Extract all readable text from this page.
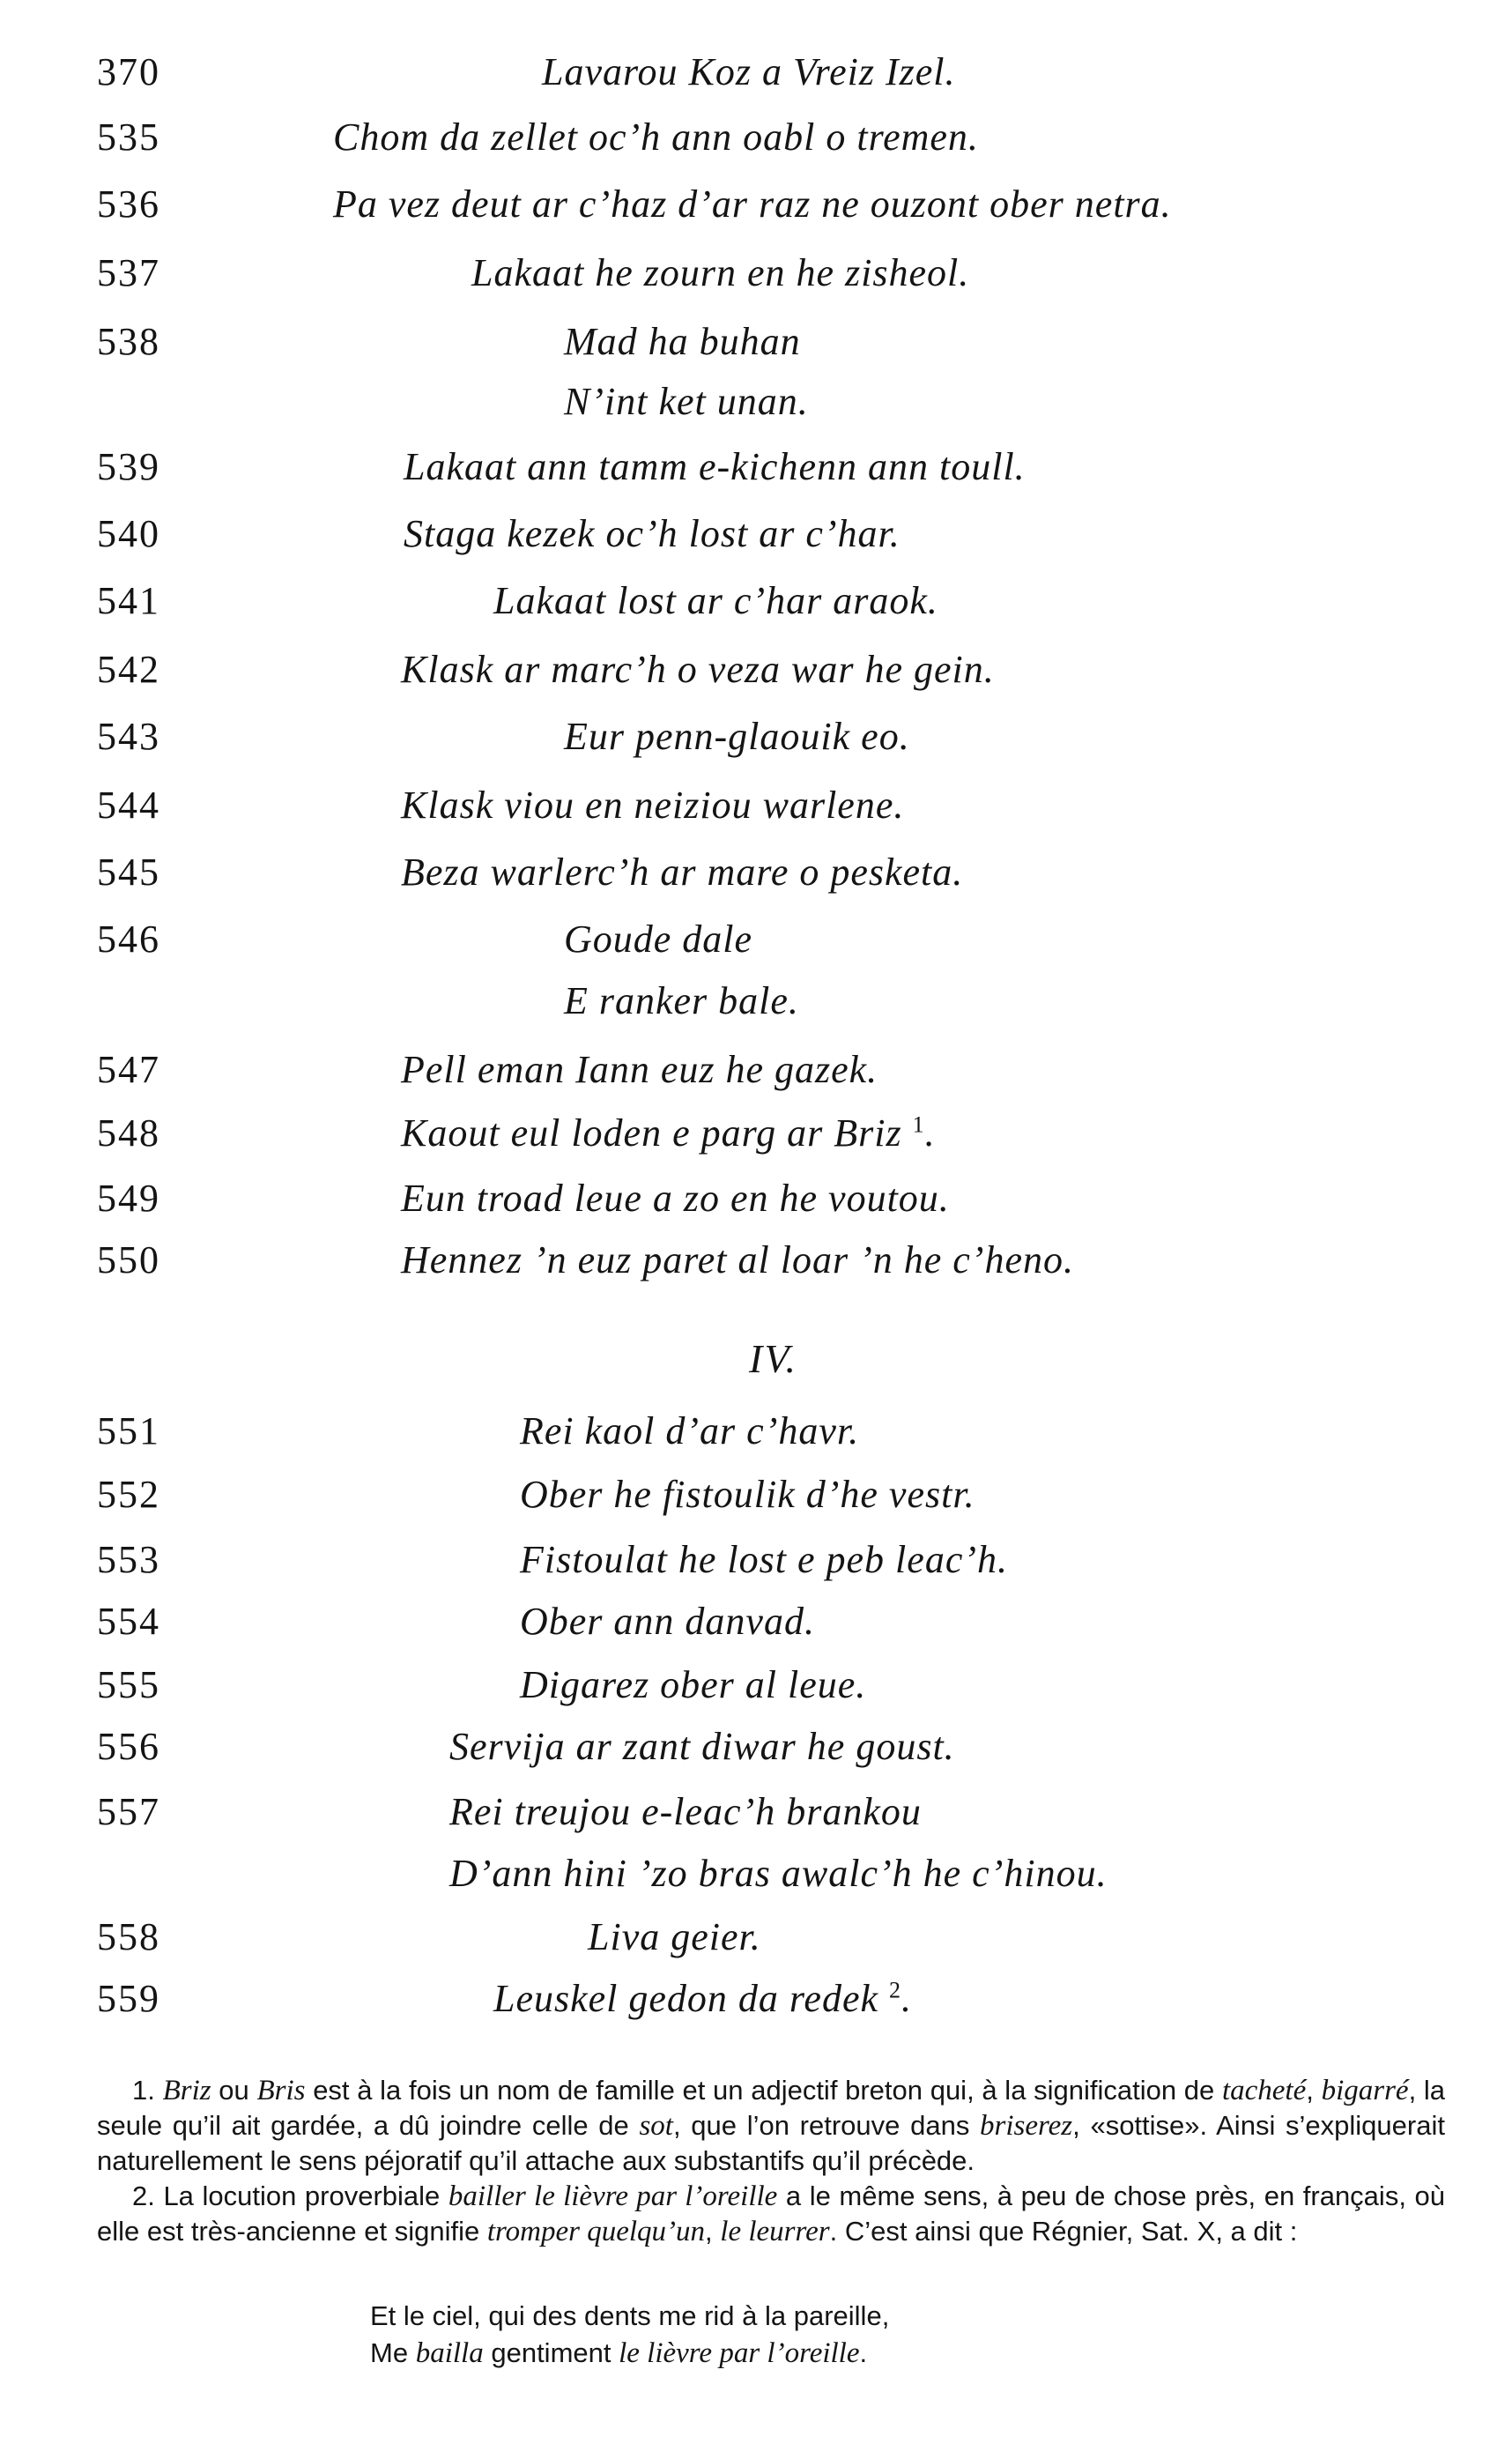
370	Lavarou Koz a Vreiz Izel.
535	Chom da zellet oc’h ann oabl o tremen.
536	Pa vez deut ar c’haz d’ar raz ne ouzont ober netra.
537	Lakaat he zourn en he zisheol.
538	Mad ha buhan
N’int ket unan.
539	Lakaat ann tamm e-kichenn ann toull.
540	Staga kezek oc’h lost ar c’har.
541	Lakaat lost ar c’har araok.
542	Klask ar marc’h o veza war he gein.
543	Eur penn-glaouik eo.
544	Klask viou en neiziou warlene.
545	Beza warlerc’h ar mare o pesketa.
546	Goude dale
E ranker bale.
547	Pell eman Iann euz he gazek.
548	Kaout eul loden e parg ar Briz $^1$.
549	Eun troad leue a zo en he voutou.
550	Hennez ’n euz paret al loar ’n he c’heno.
IV.
551	Rei kaol d’ar c’havr.
552	Ober he fistoulik d’he vestr.
553	Fistoulat he lost e peb leac’h.
554	Ober ann danvad.
555	Digarez ober al leue.
556	Servija ar zant diwar he goust.
557	Rei treujou e-leac’h brankou
D’ann hini ’zo bras awalc’h he c’hinou.
558	Liva geier.
559	Leuskel gedon da redek $^2$.

1. Briz ou Bris est à la fois un nom de famille et un adjectif breton qui, à la signification de tacheté, bigarré, la seule qu’il ait gardée, a dû joindre celle de sot, que l’on retrouve dans briserez, «sottise». Ainsi s’expliquerait naturellement le sens péjoratif qu’il attache aux substantifs qu’il précède.

2. La locution proverbiale bailler le lièvre par l’oreille a le même sens, à peu de chose près, en français, où elle est très-ancienne et signifie tromper quelqu’un, le leurrer. C’est ainsi que Régnier, Sat. X, a dit :

Et le ciel, qui des dents me rid à la pareille,
Me bailla gentiment le lièvre par l’oreille.
